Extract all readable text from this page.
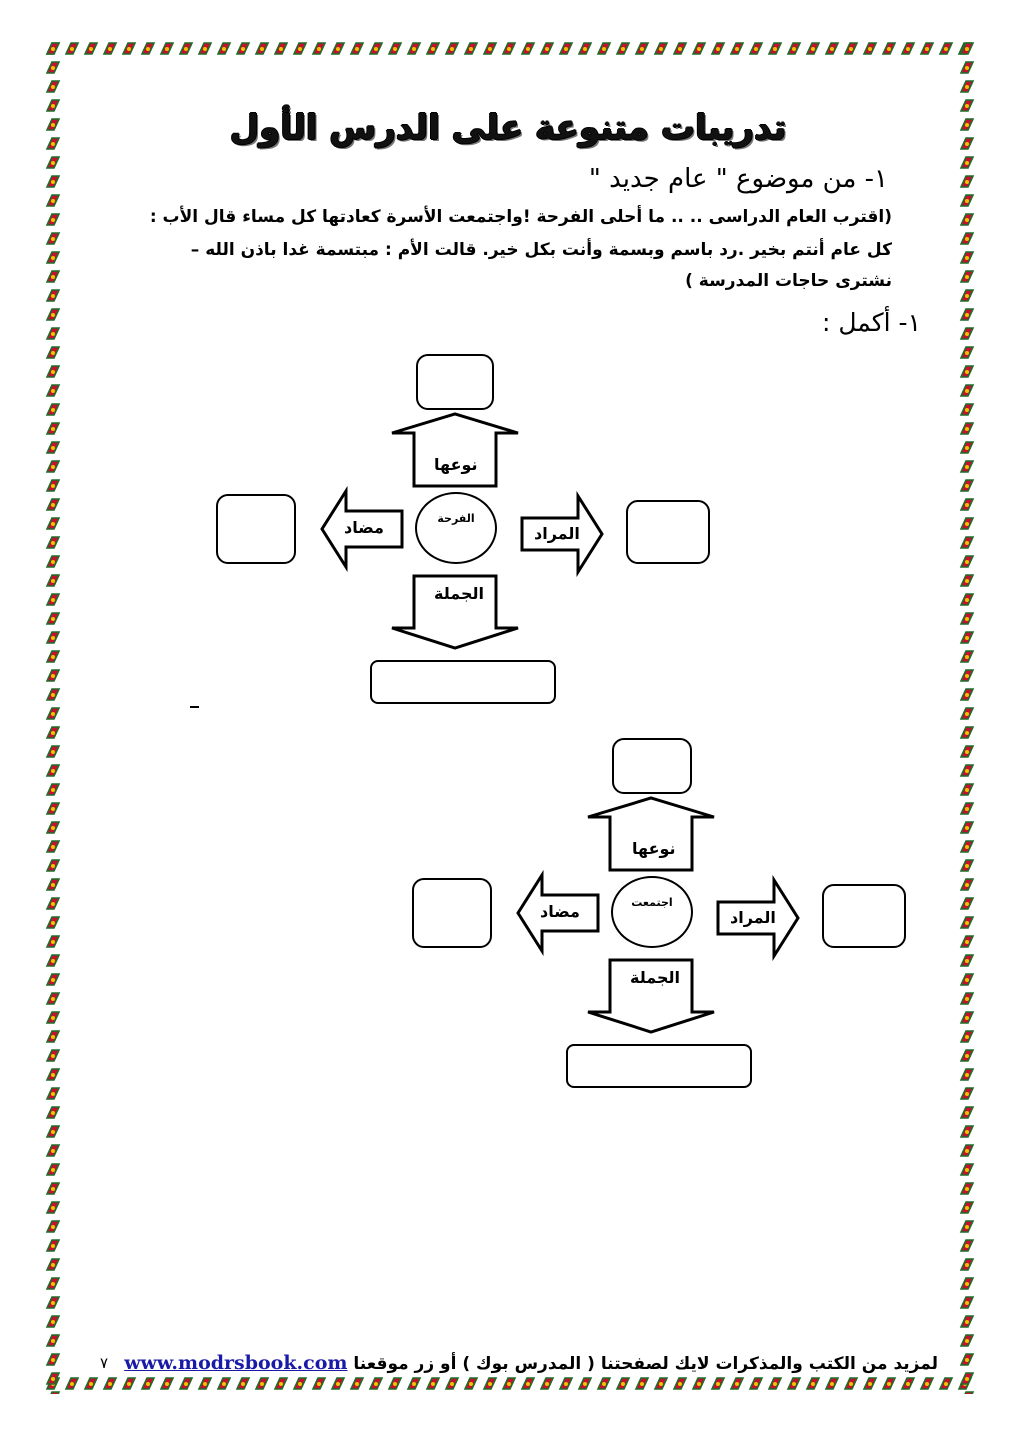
تدريبات متنوعة على الدرس الأول
١- من موضوع " عام جديد "
(اقترب العام الدراسى .. .. ما أحلى الفرحة !واجتمعت الأسرة كعادتها كل مساء قال الأب :
كل عام أنتم بخير .رد باسم وبسمة وأنت بكل خير. قالت الأم : مبتسمة غدا باذن الله –
نشترى حاجات المدرسة )
١- أكمل :
نوعها
مضاد	الفرحة
المراد
الجملة
نوعها
مضاد	اجتمعت
المراد
الجملة
لمزيد من الكتب والمذكرات لايك لصفحتنا ( المدرس بوك ) أو زر موقعنا www.modrsbook.com
٧
